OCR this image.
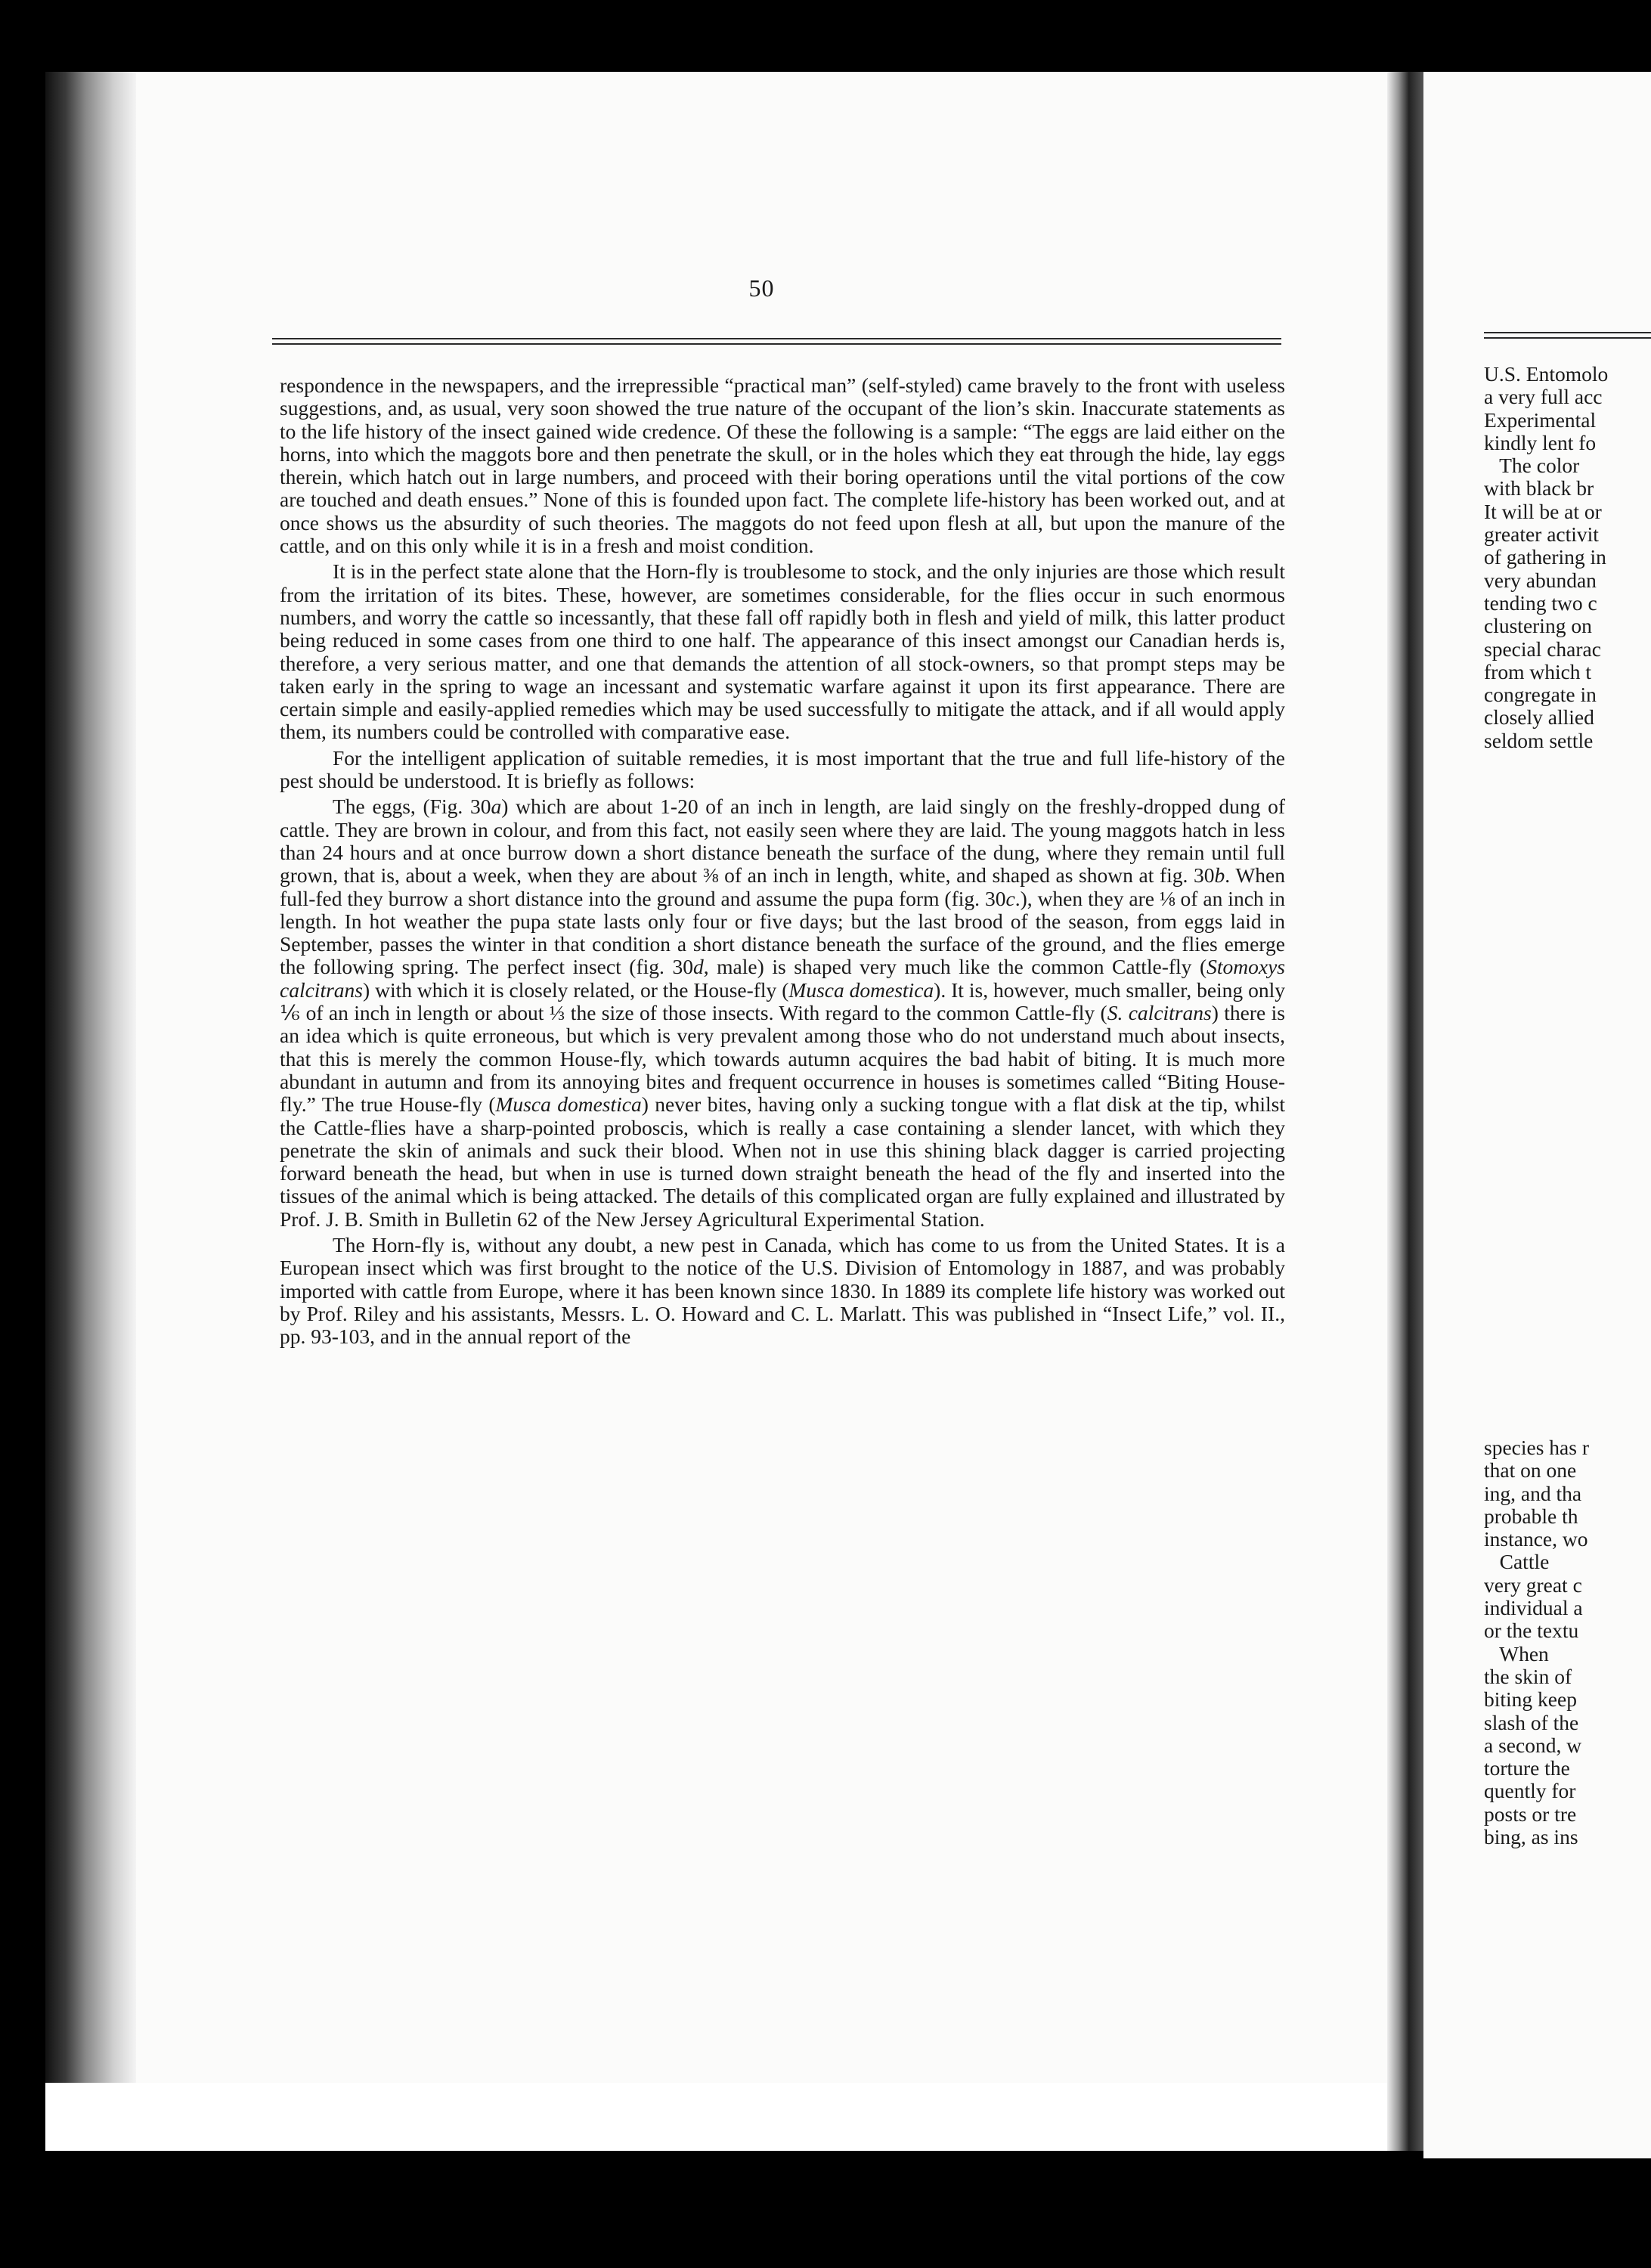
50

respondence in the newspapers, and the irrepressible “practical man” (self-styled) came bravely to the front with useless suggestions, and, as usual, very soon showed the true nature of the occupant of the lion’s skin. Inaccurate statements as to the life history of the insect gained wide credence. Of these the following is a sample: “The eggs are laid either on the horns, into which the maggots bore and then penetrate the skull, or in the holes which they eat through the hide, lay eggs therein, which hatch out in large numbers, and proceed with their boring operations until the vital portions of the cow are touched and death ensues.” None of this is founded upon fact. The complete life-history has been worked out, and at once shows us the absurdity of such theories. The maggots do not feed upon flesh at all, but upon the manure of the cattle, and on this only while it is in a fresh and moist condition.

It is in the perfect state alone that the Horn-fly is troublesome to stock, and the only injuries are those which result from the irritation of its bites. These, however, are sometimes considerable, for the flies occur in such enormous numbers, and worry the cattle so incessantly, that these fall off rapidly both in flesh and yield of milk, this latter product being reduced in some cases from one third to one half. The appearance of this insect amongst our Canadian herds is, therefore, a very serious matter, and one that demands the attention of all stock-owners, so that prompt steps may be taken early in the spring to wage an incessant and systematic warfare against it upon its first appearance. There are certain simple and easily-applied remedies which may be used successfully to mitigate the attack, and if all would apply them, its numbers could be controlled with comparative ease.

For the intelligent application of suitable remedies, it is most important that the true and full life-history of the pest should be understood. It is briefly as follows:

The eggs, (Fig. 30a) which are about 1-20 of an inch in length, are laid singly on the freshly-dropped dung of cattle. They are brown in colour, and from this fact, not easily seen where they are laid. The young maggots hatch in less than 24 hours and at once burrow down a short distance beneath the surface of the dung, where they remain until full grown, that is, about a week, when they are about ⅜ of an inch in length, white, and shaped as shown at fig. 30b. When full-fed they burrow a short distance into the ground and assume the pupa form (fig. 30c.), when they are ⅛ of an inch in length. In hot weather the pupa state lasts only four or five days; but the last brood of the season, from eggs laid in September, passes the winter in that condition a short distance beneath the surface of the ground, and the flies emerge the following spring. The perfect insect (fig. 30d, male) is shaped very much like the common Cattle-fly (Stomoxys calcitrans) with which it is closely related, or the House-fly (Musca domestica). It is, however, much smaller, being only ⅙ of an inch in length or about ⅓ the size of those insects. With regard to the common Cattle-fly (S. calcitrans) there is an idea which is quite erroneous, but which is very prevalent among those who do not understand much about insects, that this is merely the common House-fly, which towards autumn acquires the bad habit of biting. It is much more abundant in autumn and from its annoying bites and frequent occurrence in houses is sometimes called “Biting House-fly.” The true House-fly (Musca domestica) never bites, having only a sucking tongue with a flat disk at the tip, whilst the Cattle-flies have a sharp-pointed proboscis, which is really a case containing a slender lancet, with which they penetrate the skin of animals and suck their blood. When not in use this shining black dagger is carried projecting forward beneath the head, but when in use is turned down straight beneath the head of the fly and inserted into the tissues of the animal which is being attacked. The details of this complicated organ are fully explained and illustrated by Prof. J. B. Smith in Bulletin 62 of the New Jersey Agricultural Experimental Station.

The Horn-fly is, without any doubt, a new pest in Canada, which has come to us from the United States. It is a European insect which was first brought to the notice of the U.S. Division of Entomology in 1887, and was probably imported with cattle from Europe, where it has been known since 1830. In 1889 its complete life history was worked out by Prof. Riley and his assistants, Messrs. L. O. Howard and C. L. Marlatt. This was published in “Insect Life,” vol. II., pp. 93-103, and in the annual report of the

U.S. Entomolo
a very full acc
Experimental
kindly lent fo
The color
with black br
It will be at or
greater activit
of gathering in
very abundan
tending two c
clustering on
special charac
from which t
congregate in
closely allied
seldom settle
species has r
that on one
ing, and tha
probable th
instance, wo
Cattle
very great c
individual a
or the textu
When
the skin of
biting keep
slash of the
a second, w
torture the
quently for
posts or tre
bing, as ins
